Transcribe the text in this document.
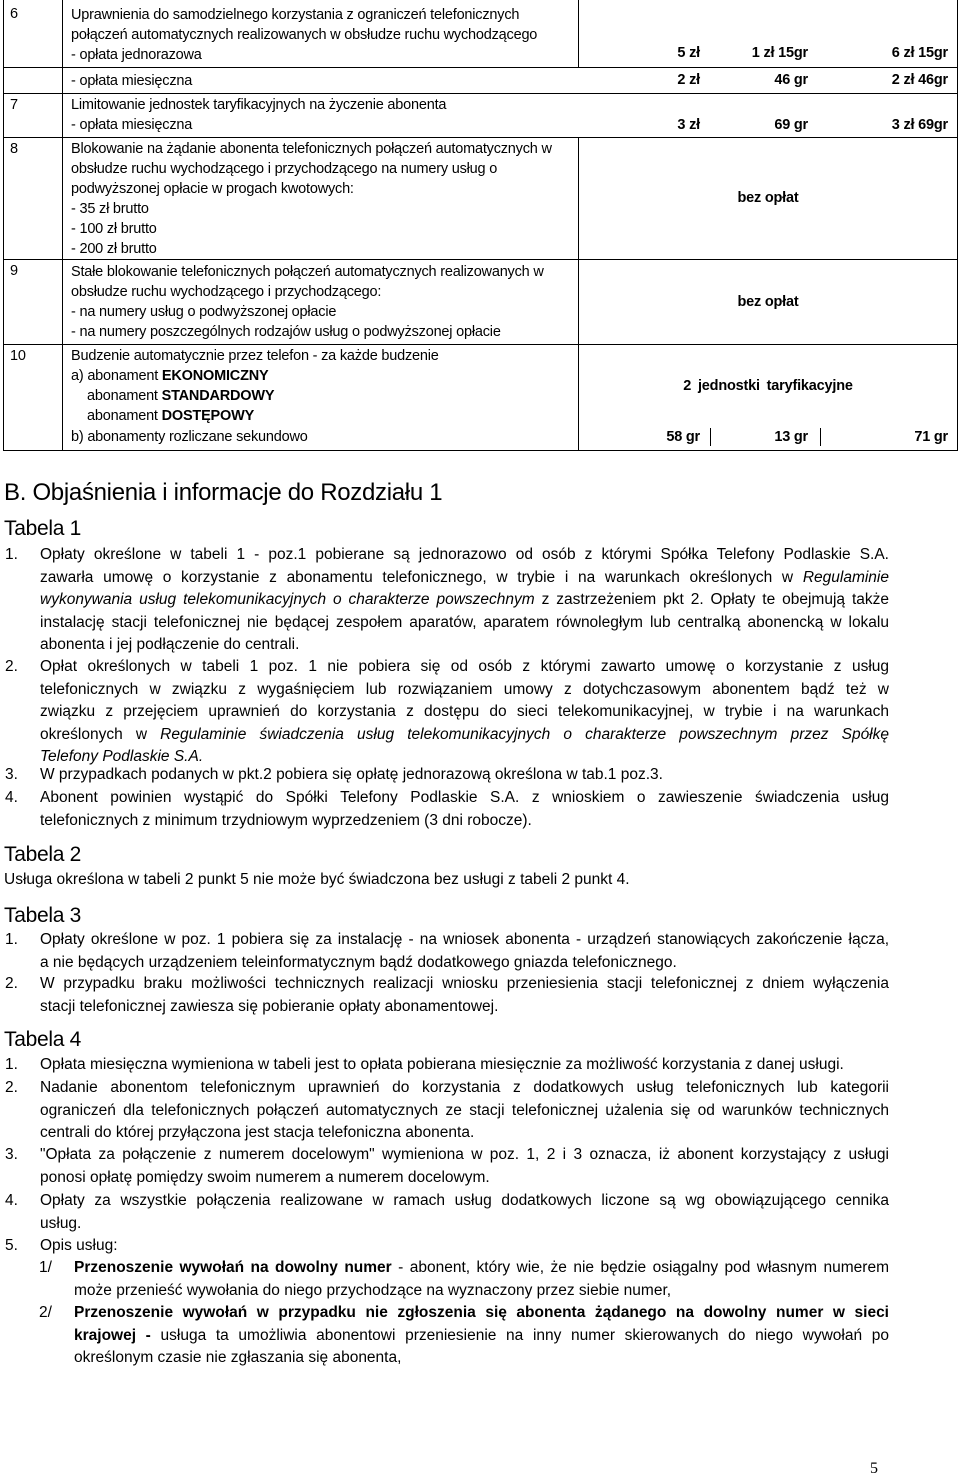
6	Uprawnienia do samodzielnego korzystania z ograniczeń telefonicznych
połączeń automatycznych realizowanych w obsłudze ruchu wychodzącego
- opłata jednorazowa	5 zł	1 zł 15gr	6 zł 15gr
- opłata miesięczna	2 zł	46 gr	2 zł 46gr
7	Limitowanie jednostek taryfikacyjnych na życzenie abonenta
- opłata miesięczna	3 zł	69 gr	3 zł 69gr
8	Blokowanie na żądanie abonenta telefonicznych połączeń automatycznych w
obsłudze ruchu wychodzącego i przychodzącego na numery usług o
podwyższonej opłacie w progach kwotowych:
- 35 zł brutto
- 100 zł brutto
- 200 zł brutto
bez opłat
9	Stałe blokowanie telefonicznych połączeń automatycznych realizowanych w
obsłudze ruchu wychodzącego i przychodzącego:
- na numery usług o podwyższonej opłacie
- na numery poszczególnych rodzajów usług o podwyższonej opłacie
bez opłat
10	Budzenie automatycznie przez telefon - za każde budzenie
a) abonament EKONOMICZNY
abonament STANDARDOWY
abonament DOSTĘPOWY
2 jednostki taryfikacyjne
b) abonamenty rozliczane sekundowo	58 gr	13 gr	71 gr
B. Objaśnienia i informacje do Rozdziału 1
Tabela 1
1. Opłaty określone w tabeli 1 - poz.1 pobierane są jednorazowo od osób z którymi Spółka Telefony Podlaskie S.A.
zawarła umowę o korzystanie z abonamentu telefonicznego, w trybie i na warunkach określonych w Regulaminie
wykonywania usług telekomunikacyjnych o charakterze powszechnym z zastrzeżeniem pkt 2. Opłaty te obejmują także
instalację stacji telefonicznej nie będącej zespołem aparatów, aparatem równoległym lub centralką abonencką w lokalu
abonenta i jej podłączenie do centrali.
2. Opłat określonych w tabeli 1 poz. 1 nie pobiera się od osób z którymi zawarto umowę o korzystanie z usług
telefonicznych w związku z wygaśnięciem lub rozwiązaniem umowy z dotychczasowym abonentem bądź też w
związku z przejęciem uprawnień do korzystania z dostępu do sieci telekomunikacyjnej, w trybie i na warunkach
określonych w Regulaminie świadczenia usług telekomunikacyjnych o charakterze powszechnym przez Spółkę
Telefony Podlaskie S.A.
3. W przypadkach podanych w pkt.2 pobiera się opłatę jednorazową określona w tab.1 poz.3.
4. Abonent powinien wystąpić do Spółki Telefony Podlaskie S.A. z wnioskiem o zawieszenie świadczenia usług
telefonicznych z minimum trzydniowym wyprzedzeniem (3 dni robocze).
Tabela 2
Usługa określona w tabeli 2 punkt 5 nie może być świadczona bez usługi z tabeli 2 punkt 4.
Tabela 3
1. Opłaty określone w poz. 1 pobiera się za instalację - na wniosek abonenta - urządzeń stanowiących zakończenie łącza,
a nie będących urządzeniem teleinformatycznym bądź dodatkowego gniazda telefonicznego.
2. W przypadku braku możliwości technicznych realizacji wniosku przeniesienia stacji telefonicznej z dniem wyłączenia
stacji telefonicznej zawiesza się pobieranie opłaty abonamentowej.
Tabela 4
1. Opłata miesięczna wymieniona w tabeli jest to opłata pobierana miesięcznie za możliwość korzystania z danej usługi.
2. Nadanie abonentom telefonicznym uprawnień do korzystania z dodatkowych usług telefonicznych lub kategorii
ograniczeń dla telefonicznych połączeń automatycznych ze stacji telefonicznej użalenia się od warunków technicznych
centrali do której przyłączona jest stacja telefoniczna abonenta.
3. "Opłata za połączenie z numerem docelowym" wymieniona w poz. 1, 2 i 3 oznacza, iż abonent korzystający z usługi
ponosi opłatę pomiędzy swoim numerem a numerem docelowym.
4. Opłaty za wszystkie połączenia realizowane w ramach usług dodatkowych liczone są wg obowiązującego cennika
usług.
5. Opis usług:
1/ Przenoszenie wywołań na dowolny numer - abonent, który wie, że nie będzie osiągalny pod własnym numerem
może przenieść wywołania do niego przychodzące na wyznaczony przez siebie numer,
2/ Przenoszenie wywołań w przypadku nie zgłoszenia się abonenta żądanego na dowolny numer w sieci
krajowej - usługa ta umożliwia abonentowi przeniesienie na inny numer skierowanych do niego wywołań po
określonym czasie nie zgłaszania się abonenta,
5
